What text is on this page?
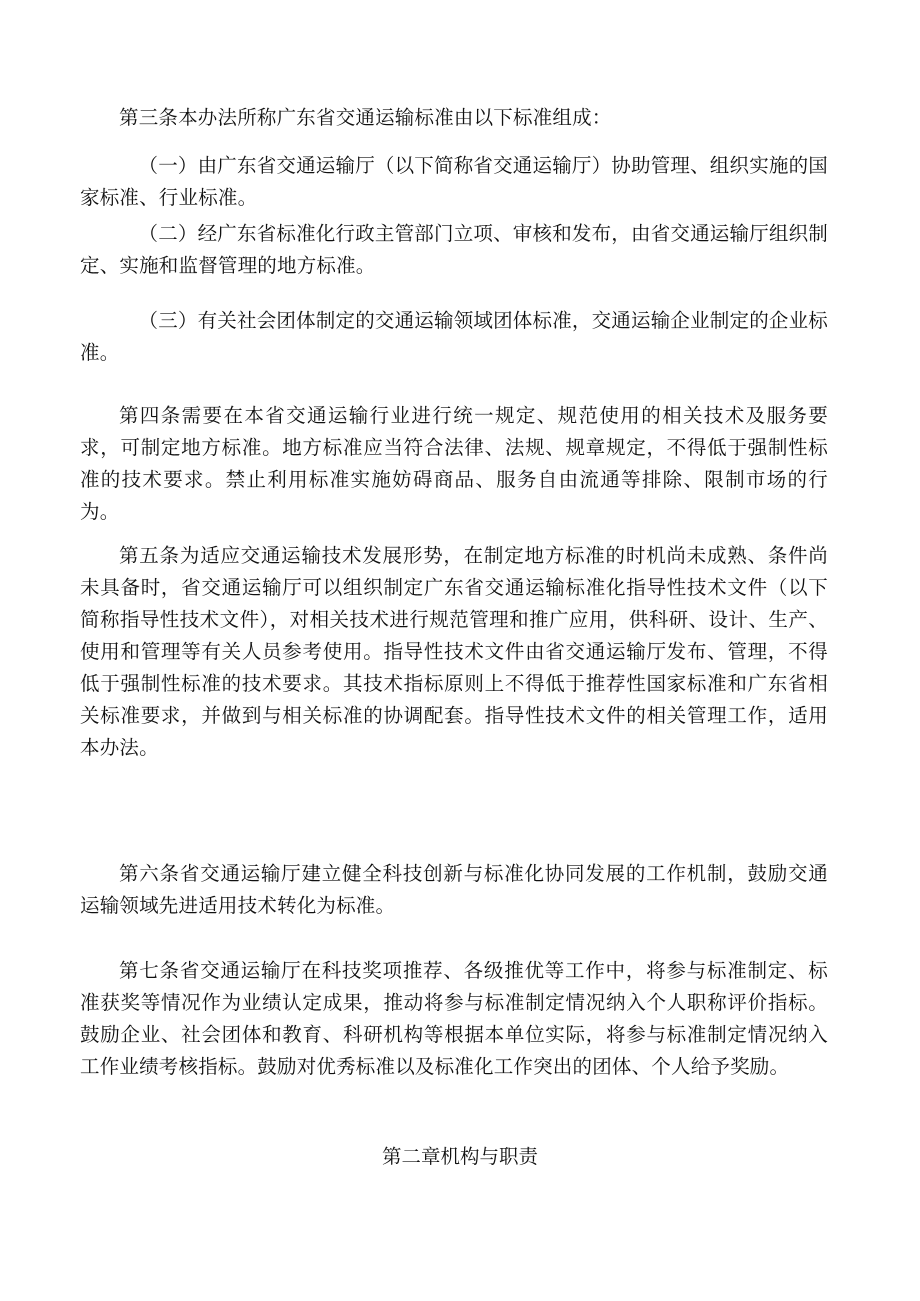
第三条本办法所称广东省交通运输标准由以下标准组成：

（一）由广东省交通运输厅（以下简称省交通运输厅）协助管理、组织实施的国家标准、行业标准。

（二）经广东省标准化行政主管部门立项、审核和发布，由省交通运输厅组织制定、实施和监督管理的地方标准。

（三）有关社会团体制定的交通运输领域团体标准，交通运输企业制定的企业标准。

第四条需要在本省交通运输行业进行统一规定、规范使用的相关技术及服务要求，可制定地方标准。地方标准应当符合法律、法规、规章规定，不得低于强制性标准的技术要求。禁止利用标准实施妨碍商品、服务自由流通等排除、限制市场的行为。

第五条为适应交通运输技术发展形势，在制定地方标准的时机尚未成熟、条件尚未具备时，省交通运输厅可以组织制定广东省交通运输标准化指导性技术文件（以下简称指导性技术文件），对相关技术进行规范管理和推广应用，供科研、设计、生产、使用和管理等有关人员参考使用。指导性技术文件由省交通运输厅发布、管理，不得低于强制性标准的技术要求。其技术指标原则上不得低于推荐性国家标准和广东省相关标准要求，并做到与相关标准的协调配套。指导性技术文件的相关管理工作，适用本办法。

第六条省交通运输厅建立健全科技创新与标准化协同发展的工作机制，鼓励交通运输领域先进适用技术转化为标准。

第七条省交通运输厅在科技奖项推荐、各级推优等工作中，将参与标准制定、标准获奖等情况作为业绩认定成果，推动将参与标准制定情况纳入个人职称评价指标。鼓励企业、社会团体和教育、科研机构等根据本单位实际，将参与标准制定情况纳入工作业绩考核指标。鼓励对优秀标准以及标准化工作突出的团体、个人给予奖励。

第二章机构与职责
